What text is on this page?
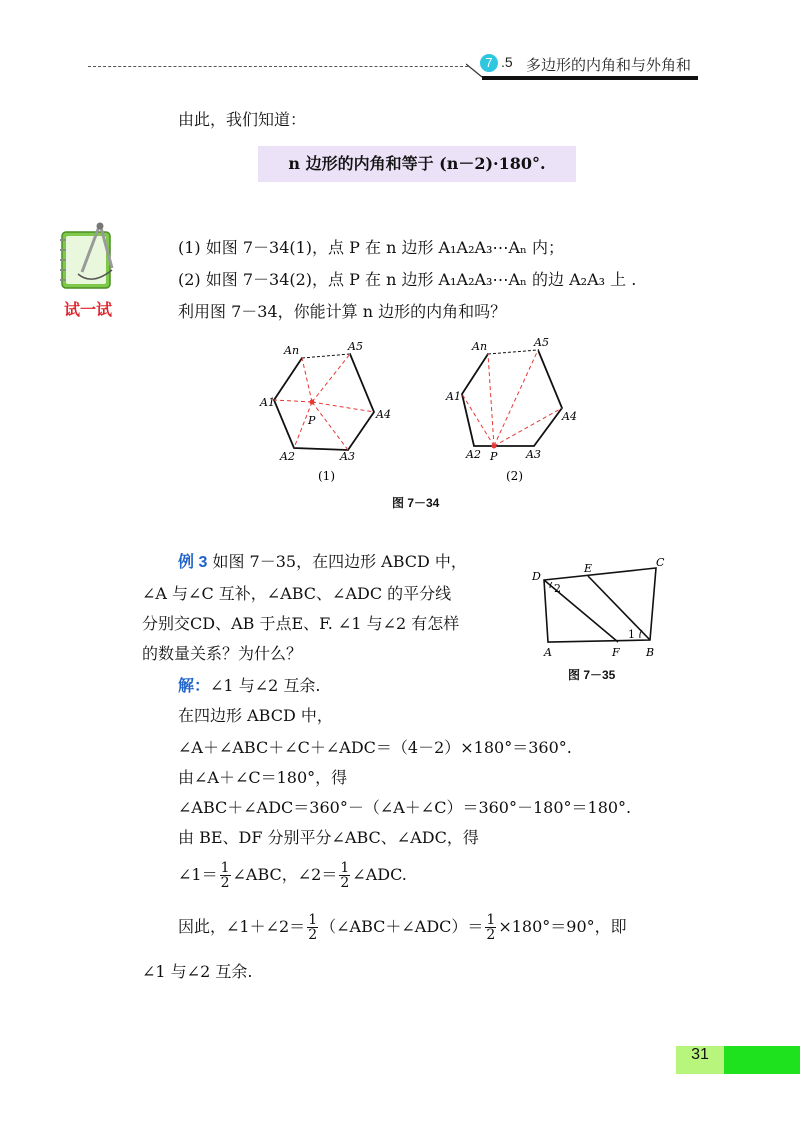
7 .5 多边形的内角和与外角和
由此，我们知道：
n 边形的内角和等于 (n－2)·180°.
试一试
(1) 如图 7－34(1)，点 P 在 n 边形 A₁A₂A₃⋯Aₙ 内；
(2) 如图 7－34(2)，点 P 在 n 边形 A₁A₂A₃⋯Aₙ 的边 A₂A₃ 上 .
利用图 7－34，你能计算 n 边形的内角和吗？
An	A5
A1
A4
A2	A3
P
An	A5
A1
A4
A2	A3
P
(1)	(2)
图 7－34
例 3 如图 7－35，在四边形 ABCD 中，
∠A 与∠C 互补，∠ABC、∠ADC 的平分线
分别交CD、AB 于点E、F. ∠1 与∠2 有怎样
的数量关系？为什么？
D
E	C
A	F B
2
1
图 7－35
解：∠1 与∠2 互余.
在四边形 ABCD 中，
∠A＋∠ABC＋∠C＋∠ADC＝（4－2）×180°＝360°.
由∠A＋∠C＝180°，得
∠ABC＋∠ADC＝360°－（∠A＋∠C）＝360°－180°＝180°.
由 BE、DF 分别平分∠ABC、∠ADC，得
∠1＝ $\frac{1}{2}$ ∠ABC，∠2＝ $\frac{1}{2}$ ∠ADC.
因此，∠1＋∠2＝ $\frac{1}{2}$ （∠ABC＋∠ADC）＝ $\frac{1}{2} \times 180^\circ=90^\circ$，即
∠1 与∠2 互余.
31
